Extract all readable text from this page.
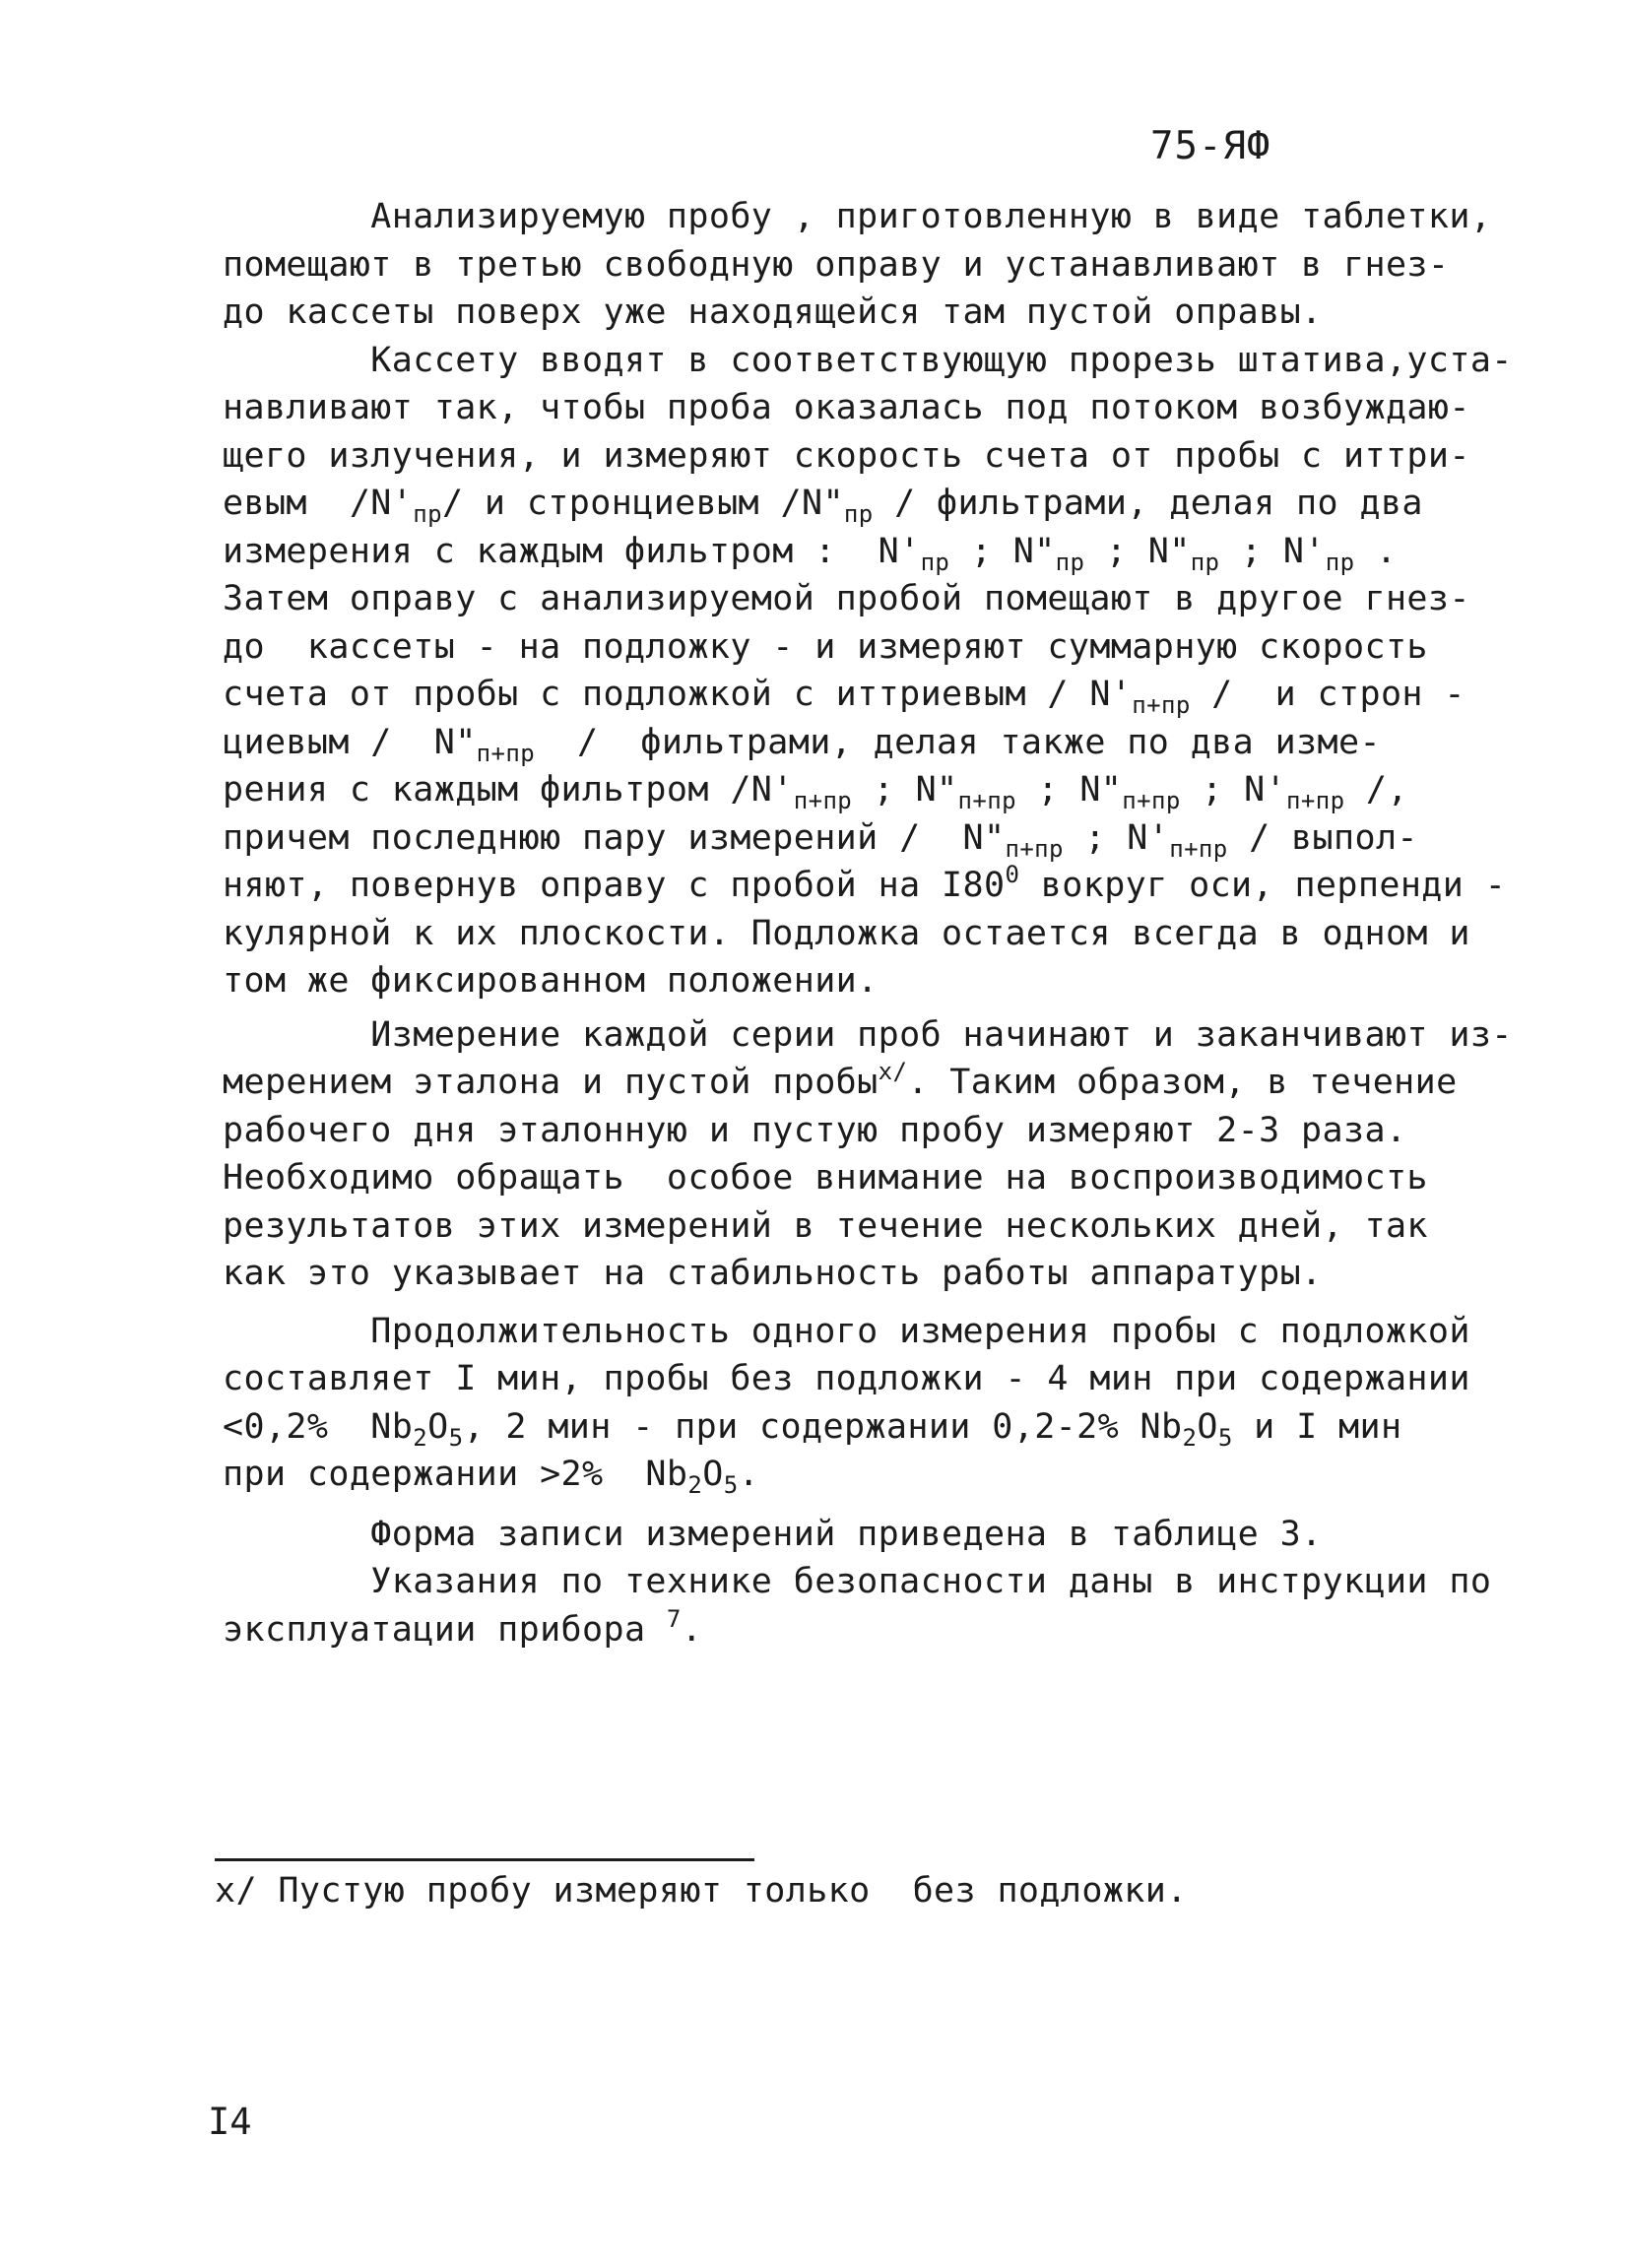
75-ЯФ
Анализируемую пробу , приготовленную в виде таблетки,
помещают в третью свободную оправу и устанавливают в гнез-
до кассеты поверх уже находящейся там пустой оправы.
Кассету вводят в соответствующую прорезь штатива,уста-
навливают так, чтобы проба оказалась под потоком возбуждаю-
щего излучения, и измеряют скорость счета от пробы с иттри-
евым  $/N'_{пр}/$ и стронциевым $/N"_{пр}$ / фильтрами, делая по два
измерения с каждым фильтром :  $N'_{пр}$ ; $N"_{пр}$ ; $N"_{пр}$ ; $N'_{пр}$ .
Затем оправу с анализируемой пробой помещают в другое гнез-
до  кассеты - на подложку - и измеряют суммарную скорость
счета от пробы с подложкой с иттриевым / $N'_{п+пр}$ /  и строн -
циевым /  $N"_{п+пр}$  /  фильтрами, делая также по два изме-
рения с каждым фильтром $/N'_{п+пр}$ ; $N"_{п+пр}$ ; $N"_{п+пр}$ ; $N'_{п+пр}$ /,
причем последнюю пару измерений /  $N"_{п+пр}$ ; $N'_{п+пр}$ / выпол-
няют, повернув оправу с пробой на $I80^0$ вокруг оси, перпенди -
кулярной к их плоскости. Подложка остается всегда в одном и
том же фиксированном положении.
Измерение каждой серии проб начинают и заканчивают из-
мерением эталона и пустой пробы$^{х/}$. Таким образом, в течение
рабочего дня эталонную и пустую пробу измеряют 2-3 раза.
Необходимо обращать  особое внимание на воспроизводимость
результатов этих измерений в течение нескольких дней, так
как это указывает на стабильность работы аппаратуры.
Продолжительность одного измерения пробы с подложкой
составляет I мин, пробы без подложки - 4 мин при содержании
<0,2%  $Nb_2O_5$, 2 мин - при содержании 0,2-2% $Nb_2O_5$ и I мин
при содержании >2%  $Nb_2O_5$.
Форма записи измерений приведена в таблице 3.
Указания по технике безопасности даны в инструкции по
эксплуатации прибора $^7$.
х/ Пустую пробу измеряют только  без подложки.
I4
